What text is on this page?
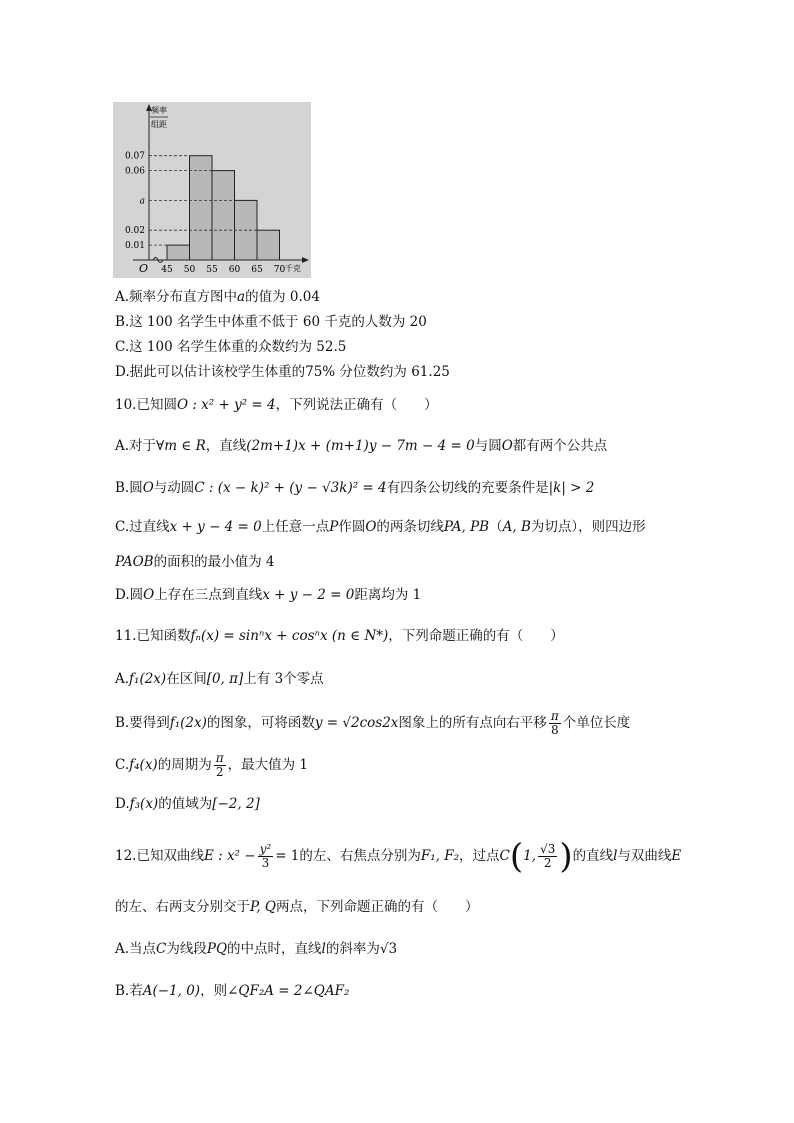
频率
组距
O
0.07
0.06
a
0.02
0.01
45 50 55 60 65 70 千克
A.频率分布直方图中a的值为 0.04
B.这 100 名学生中体重不低于 60 千克的人数为 20
C.这 100 名学生体重的众数约为 52.5
D.据此可以估计该校学生体重的75% 分位数约为 61.25
10.已知圆O : x² + y² = 4，下列说法正确有（　　）
A.对于∀m ∈ R，直线(2m+1)x + (m+1)y − 7m − 4 = 0与圆O都有两个公共点
B.圆O与动圆C : (x − k)² + (y − √3k)² = 4有四条公切线的充要条件是|k| > 2
C.过直线x + y − 4 = 0上任意一点P作圆O的两条切线PA, PB（A, B为切点），则四边形
PAOB的面积的最小值为 4
D.圆O上存在三点到直线x + y − 2 = 0距离均为 1
11.已知函数fₙ(x) = sinⁿx + cosⁿx (n ∈ N*)，下列命题正确的有（　　）
A.f₁(2x)在区间[0, π]上有 3个零点
B.要得到f₁(2x)的图象，可将函数y = √2cos2x图象上的所有点向右平移 $\frac{\pi}{8}$ 个单位长度
C.f₄(x)的周期为 $\frac{\pi}{2}$ ，最大值为 1
D.f₃(x)的值域为[−2, 2]
12.已知双曲线E : $x^2 - \frac{\text{y²}}{3} = 1$的左、右焦点分别为F₁, F₂，过点C(1, $\frac{√3}{2}$ )的直线l与双曲线E
的左、右两支分别交于P, Q两点，下列命题正确的有（　　）
A.当点C为线段PQ的中点时，直线l的斜率为√3
B.若A(−1, 0)，则∠QF₂A = 2∠QAF₂
